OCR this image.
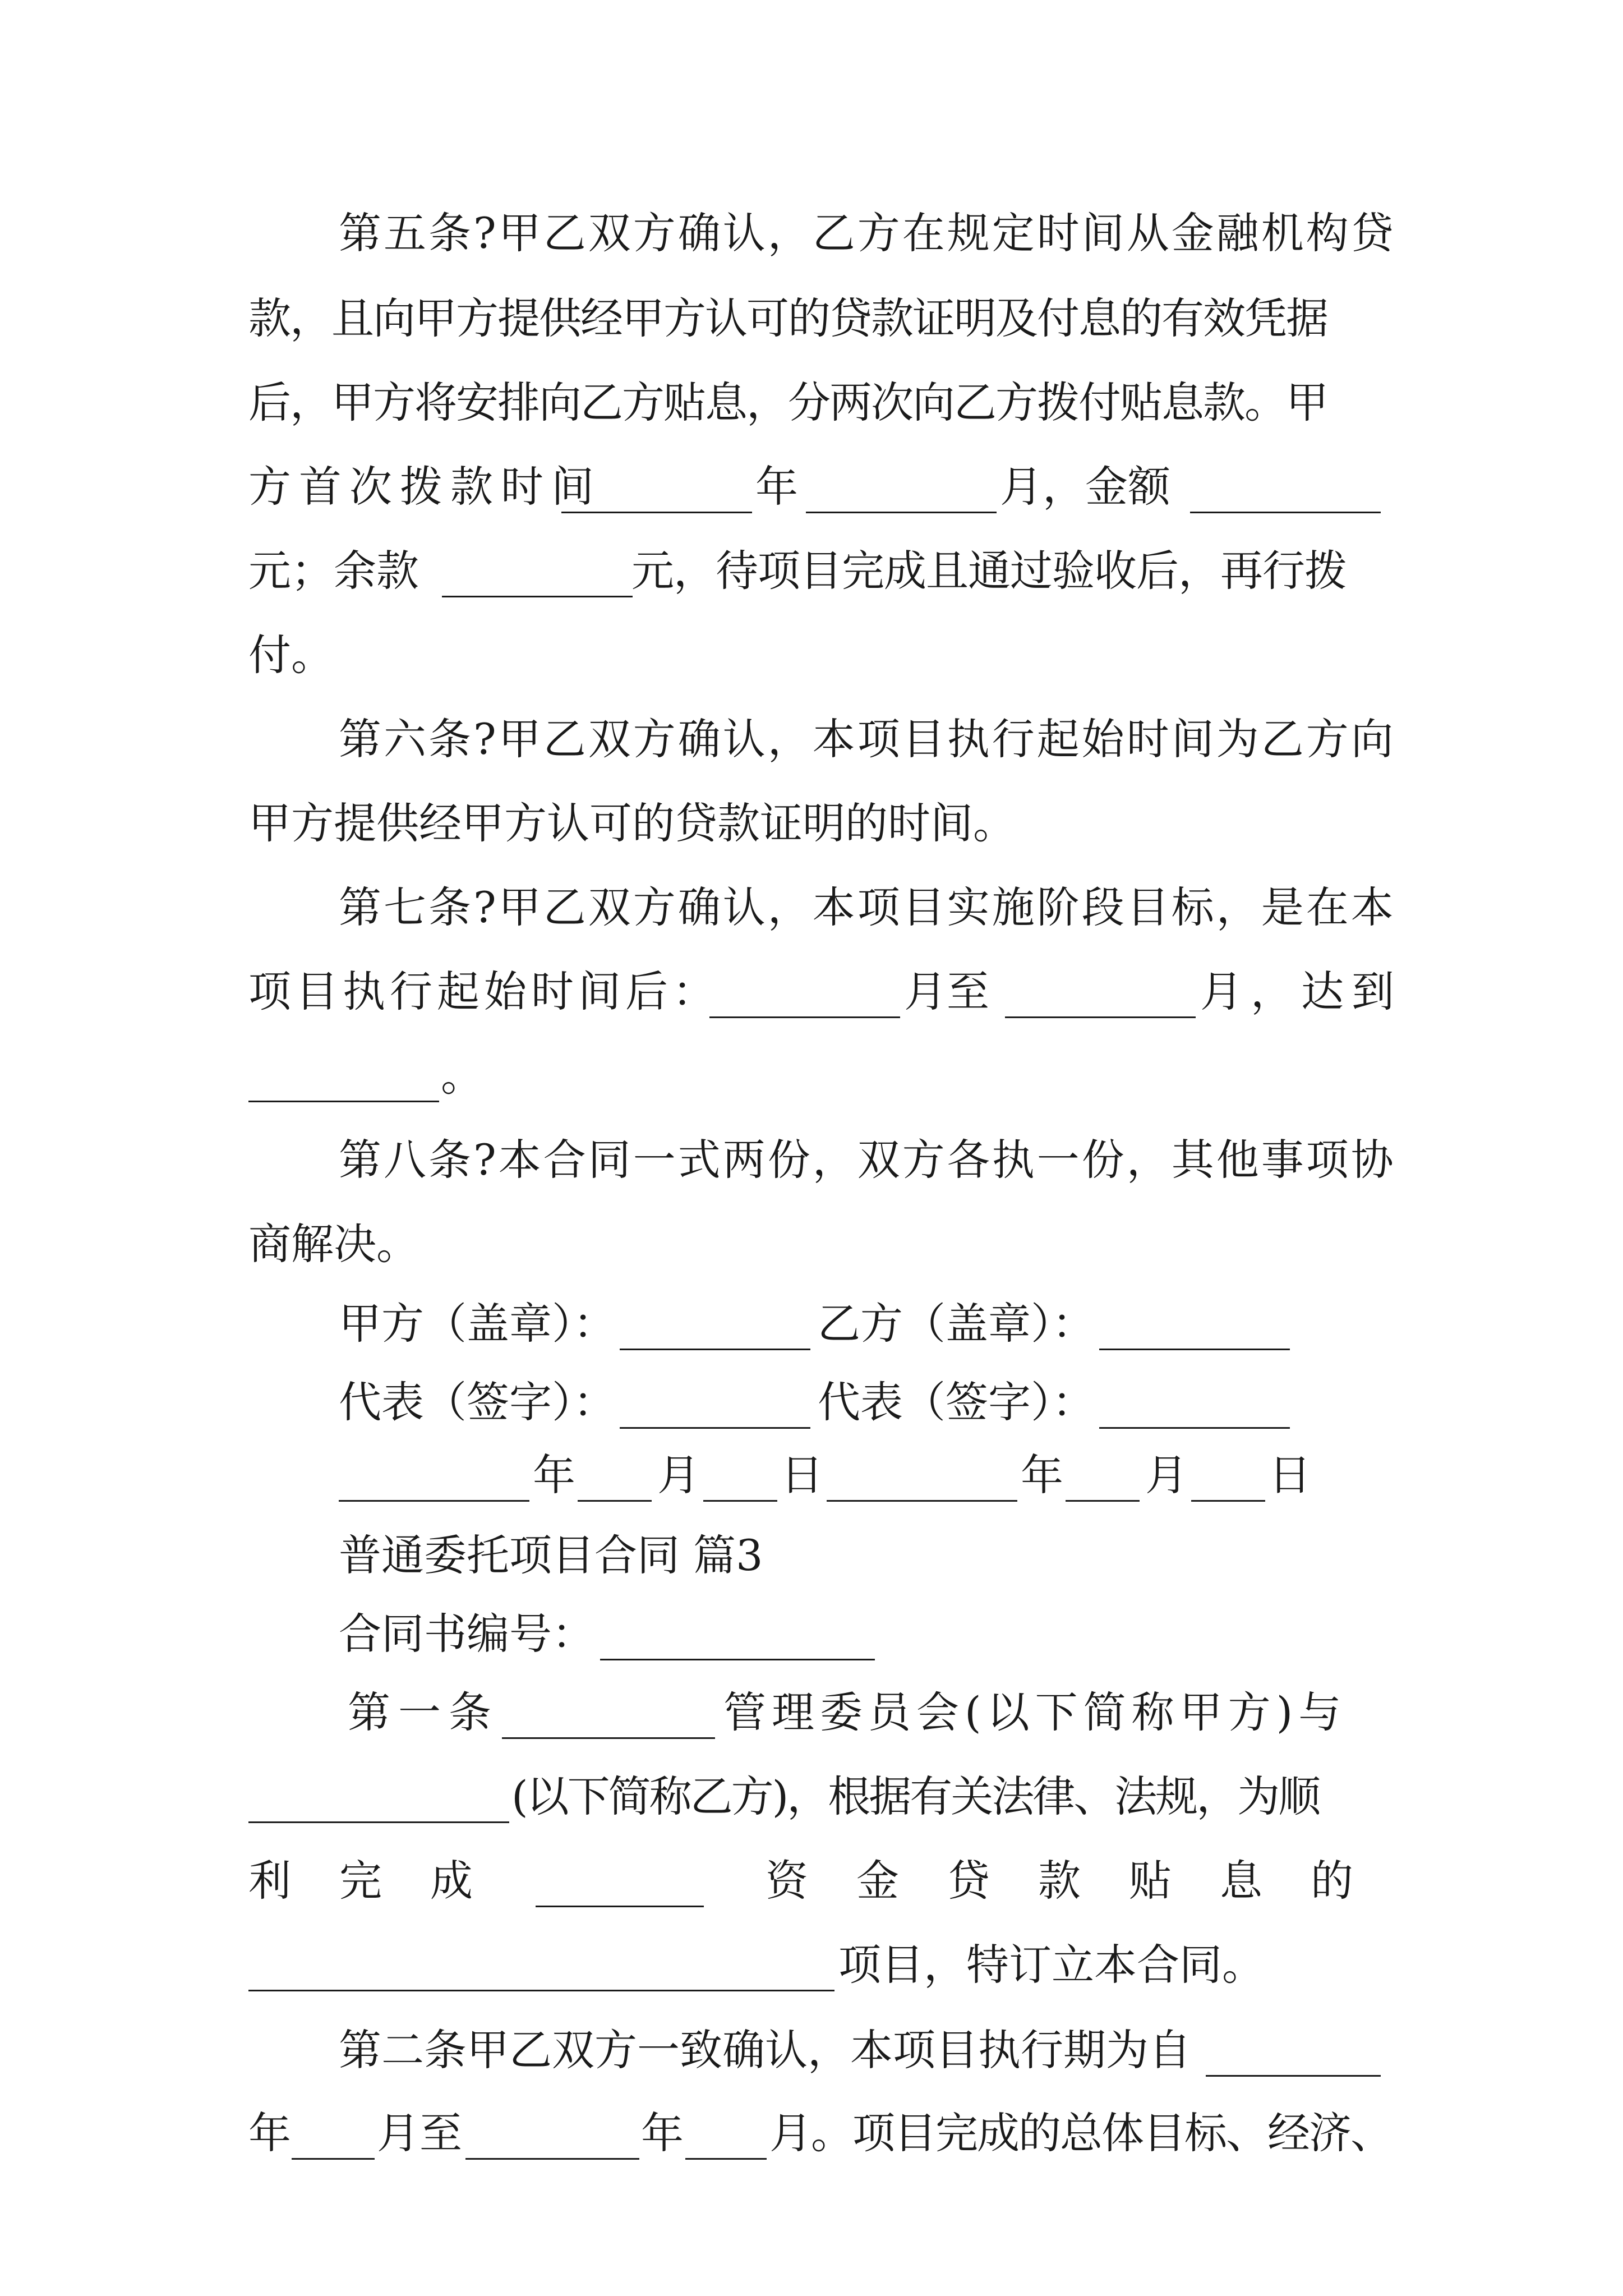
第五条?甲乙双方确认，乙方在规定时间从金融机构贷
款，且向甲方提供经甲方认可的贷款证明及付息的有效凭据
后，甲方将安排向乙方贴息，分两次向乙方拨付贴息款。甲
方首次拨款时间	年	月，金额
元；余款	元，待项目完成且通过验收后，再行拨
付。
第六条?甲乙双方确认，本项目执行起始时间为乙方向
甲方提供经甲方认可的贷款证明的时间。
第七条?甲乙双方确认，本项目实施阶段目标，是在本
项目执行起始时间后：	月至	月，达到
。
第八条?本合同一式两份，双方各执一份，其他事项协
商解决。
甲方（盖章）：	乙方（盖章）：
代表（签字）：	代表（签字）：
年 月 日	年 月 日
普通委托项目合同 篇3
合同书编号：
第一条	管理委员会(以下简称甲方)与
(以下简称乙方)，根据有关法律、法规，为顺
利完成	资金贷款贴息的
项目，特订立本合同。
第二条甲乙双方一致确认，本项目执行期为自
年 月至	年 月。项目完成的总体目标、经济、
